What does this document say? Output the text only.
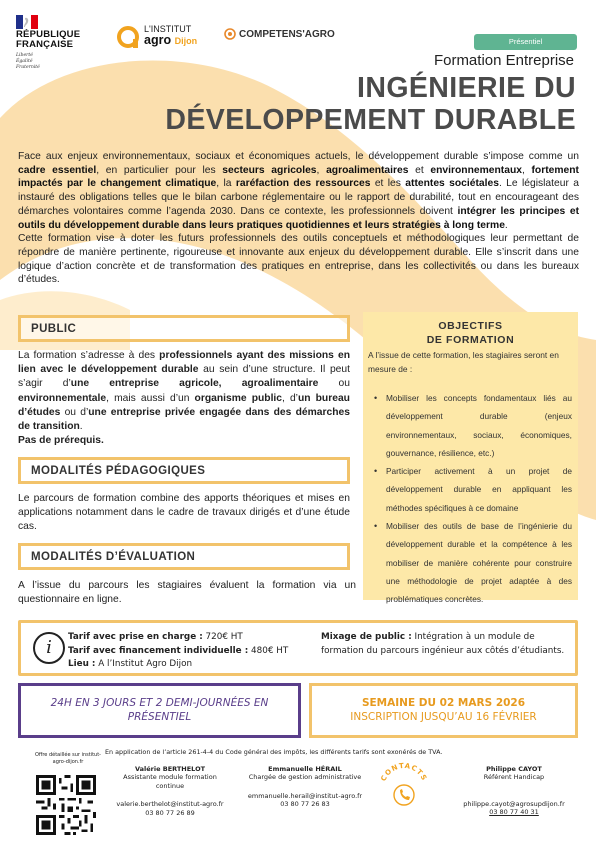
RÉPUBLIQUE
FRANÇAISE
Liberté
Égalité
Fraternité
L'INSTITUT
agro Dijon
COMPETENS'AGRO
Présentiel
Formation Entreprise
INGÉNIERIE DU
DÉVELOPPEMENT DURABLE

Face aux enjeux environnementaux, sociaux et économiques actuels, le développement durable s’impose comme un cadre essentiel, en particulier pour les secteurs agricoles, agroalimentaires et environnementaux, fortement impactés par le changement climatique, la raréfaction des ressources et les attentes sociétales. Le législateur a instauré des obligations telles que le bilan carbone réglementaire ou le rapport de durabilité, tout en encourageant des démarches volontaires comme l’agenda 2030. Dans ce contexte, les professionnels doivent intégrer les principes et outils du développement durable dans leurs pratiques quotidiennes et leurs stratégies à long terme.

Cette formation vise à doter les futurs professionnels des outils conceptuels et méthodologiques leur permettant de répondre de manière pertinente, rigoureuse et innovante aux enjeux du développement durable. Elle s’inscrit dans une logique d’action concrète et de transformation des pratiques en entreprise, dans les collectivités ou dans les bureaux d’études.

PUBLIC
La formation s’adresse à des professionnels ayant des missions en lien avec le développement durable au sein d’une structure. Il peut s’agir d’une entreprise agricole, agroalimentaire ou environnementale, mais aussi d’un organisme public, d’un bureau d’études ou d’une entreprise privée engagée dans des démarches de transition.
Pas de prérequis.
MODALITÉS PÉDAGOGIQUES
Le parcours de formation combine des apports théoriques et mises en applications notamment dans le cadre de travaux dirigés et d’une étude cas.
MODALITÉS D’ÉVALUATION
A l’issue du parcours les stagiaires évaluent la formation via un questionnaire en ligne.
OBJECTIFS
DE FORMATION
A l’issue de cette formation, les stagiaires seront en mesure de :
• Mobiliser les concepts fondamentaux liés au développement durable (enjeux environnementaux, sociaux, économiques, gouvernance, résilience, etc.)
• Participer activement à un projet de développement durable en appliquant les méthodes spécifiques à ce domaine
• Mobiliser des outils de base de l’ingénierie du développement durable et la compétence à les mobiliser de manière cohérente pour construire une méthodologie de projet adaptée à des problématiques concrètes.
i	Tarif avec prise en charge : 720€ HT
Tarif avec financement individuelle : 480€ HT
Lieu : A l’Institut Agro Dijon
Mixage de public : Intégration à un module de formation du parcours ingénieur aux côtés d’étudiants.
24H EN 3 JOURS ET 2 DEMI-JOURNÉES EN PRÉSENTIEL
SEMAINE DU 02 MARS 2026
INSCRIPTION JUSQU’AU 16 FÉVRIER
En application de l’article 261-4-4 du Code général des impôts, les différents tarifs sont exonérés de TVA.
Offre détaillée sur institut-agro-dijon.fr
Valérie BERTHELOT
Assistante module formation continue
valerie.berthelot@institut-agro.fr
03 80 77 26 89
Emmanuelle HÉRAIL
Chargée de gestion administrative
emmanuelle.herail@institut-agro.fr
03 80 77 26 83
CONTACTS
Philippe CAYOT
Référent Handicap
philippe.cayot@agrosupdijon.fr
03 80 77 40 31
